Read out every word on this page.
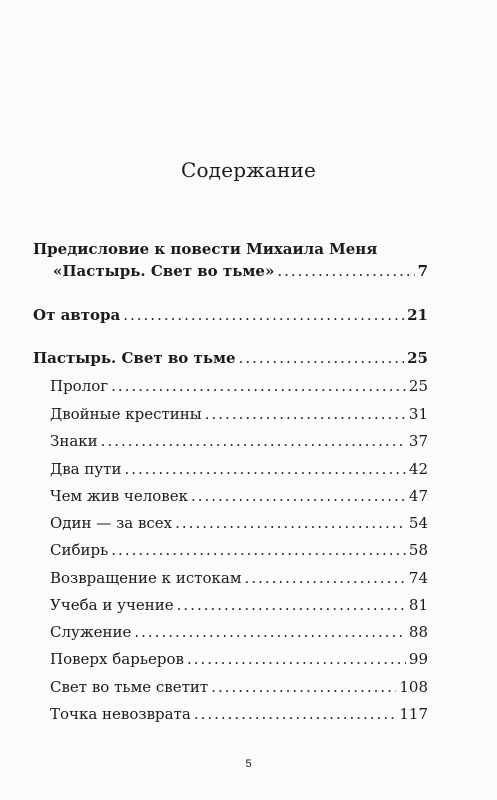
Содержание
Предисловие к повести Михаила Меня
«Пастырь. Свет во тьме» .....	7
От автора .....	21
Пастырь. Свет во тьме .....	25
Пролог .....	25
Двойные крестины .....	31
Знаки .....	37
Два пути .....	42
Чем жив человек .....	47
Один — за всех .....	54
Сибирь .....	58
Возвращение к истокам .....	74
Учеба и учение .....	81
Служение .....	88
Поверх барьеров .....	99
Свет во тьме светит .....	108
Точка невозврата .....	117
5
